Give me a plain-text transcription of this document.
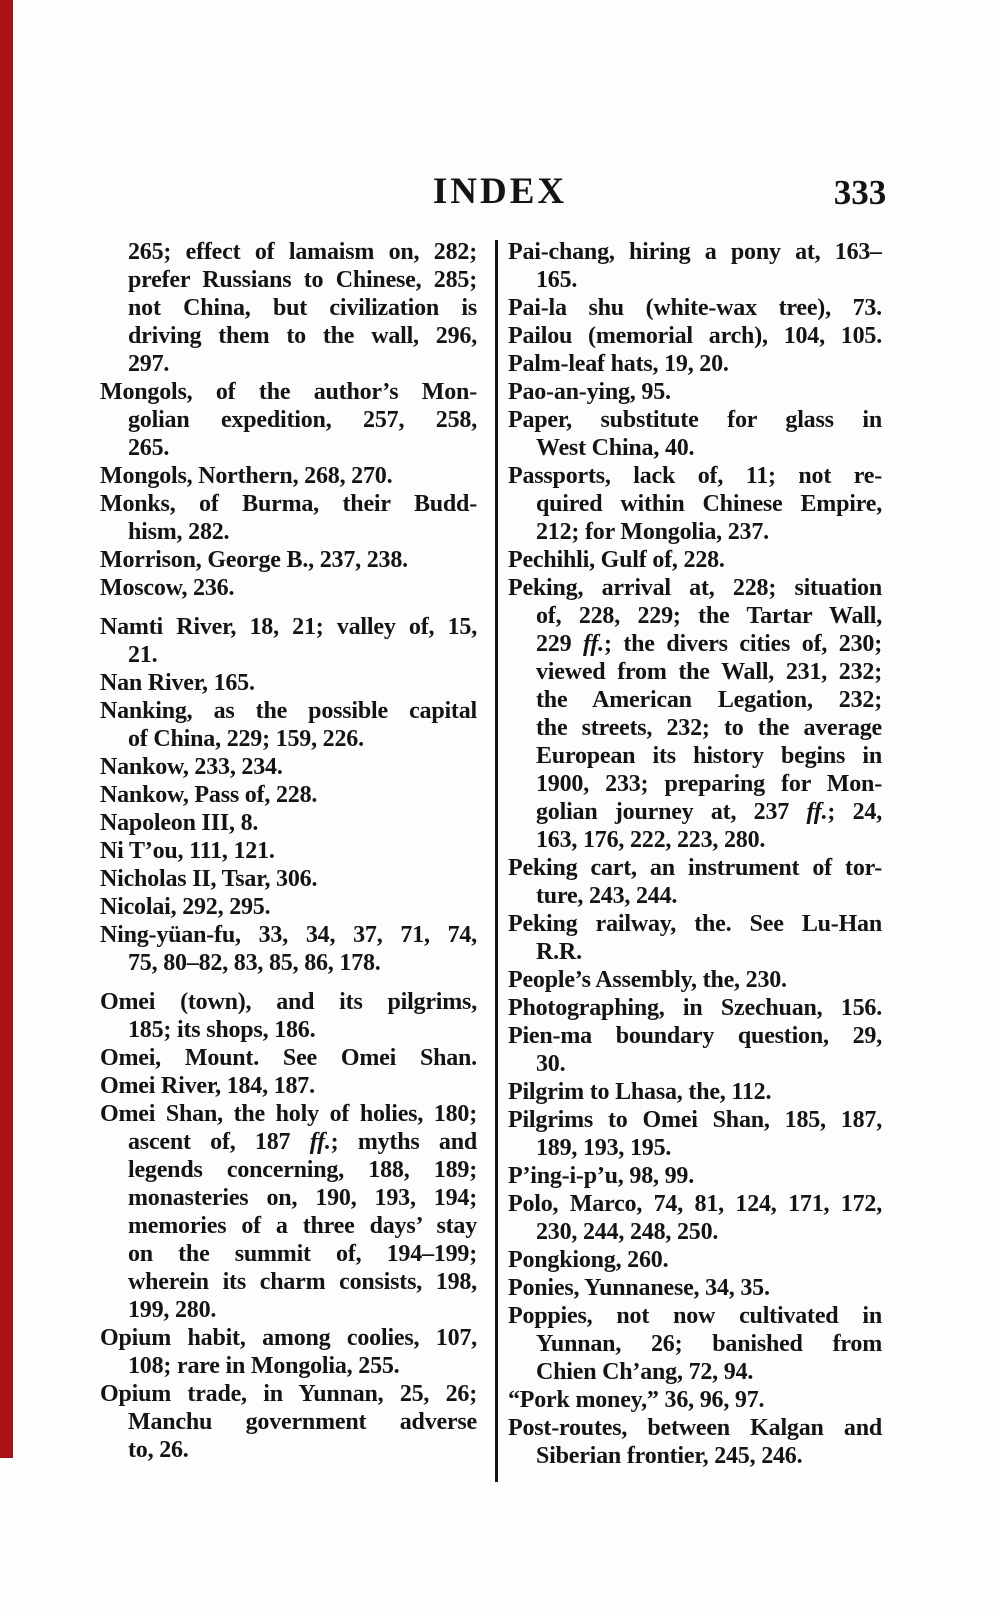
INDEX	333
265; effect of lamaism on, 282;
prefer Russians to Chinese, 285;
not China, but civilization is
driving them to the wall, 296,
297.
Mongols, of the author’s Mon-
golian expedition, 257, 258,
265.
Mongols, Northern, 268, 270.
Monks, of Burma, their Budd-
hism, 282.
Morrison, George B., 237, 238.
Moscow, 236.
Namti River, 18, 21; valley of, 15,
21.
Nan River, 165.
Nanking, as the possible capital
of China, 229; 159, 226.
Nankow, 233, 234.
Nankow, Pass of, 228.
Napoleon III, 8.
Ni T’ou, 111, 121.
Nicholas II, Tsar, 306.
Nicolai, 292, 295.
Ning-yüan-fu, 33, 34, 37, 71, 74,
75, 80–82, 83, 85, 86, 178.
Omei (town), and its pilgrims,
185; its shops, 186.
Omei, Mount. See Omei Shan.
Omei River, 184, 187.
Omei Shan, the holy of holies, 180;
ascent of, 187 ff.; myths and
legends concerning, 188, 189;
monasteries on, 190, 193, 194;
memories of a three days’ stay
on the summit of, 194–199;
wherein its charm consists, 198,
199, 280.
Opium habit, among coolies, 107,
108; rare in Mongolia, 255.
Opium trade, in Yunnan, 25, 26;
Manchu government adverse
to, 26.
Pai-chang, hiring a pony at, 163–
165.
Pai-la shu (white-wax tree), 73.
Pailou (memorial arch), 104, 105.
Palm-leaf hats, 19, 20.
Pao-an-ying, 95.
Paper, substitute for glass in
West China, 40.
Passports, lack of, 11; not re-
quired within Chinese Empire,
212; for Mongolia, 237.
Pechihli, Gulf of, 228.
Peking, arrival at, 228; situation
of, 228, 229; the Tartar Wall,
229 ff.; the divers cities of, 230;
viewed from the Wall, 231, 232;
the American Legation, 232;
the streets, 232; to the average
European its history begins in
1900, 233; preparing for Mon-
golian journey at, 237 ff.; 24,
163, 176, 222, 223, 280.
Peking cart, an instrument of tor-
ture, 243, 244.
Peking railway, the. See Lu-Han
R.R.
People’s Assembly, the, 230.
Photographing, in Szechuan, 156.
Pien-ma boundary question, 29,
30.
Pilgrim to Lhasa, the, 112.
Pilgrims to Omei Shan, 185, 187,
189, 193, 195.
P’ing-i-p’u, 98, 99.
Polo, Marco, 74, 81, 124, 171, 172,
230, 244, 248, 250.
Pongkiong, 260.
Ponies, Yunnanese, 34, 35.
Poppies, not now cultivated in
Yunnan, 26; banished from
Chien Ch’ang, 72, 94.
“Pork money,” 36, 96, 97.
Post-routes, between Kalgan and
Siberian frontier, 245, 246.
